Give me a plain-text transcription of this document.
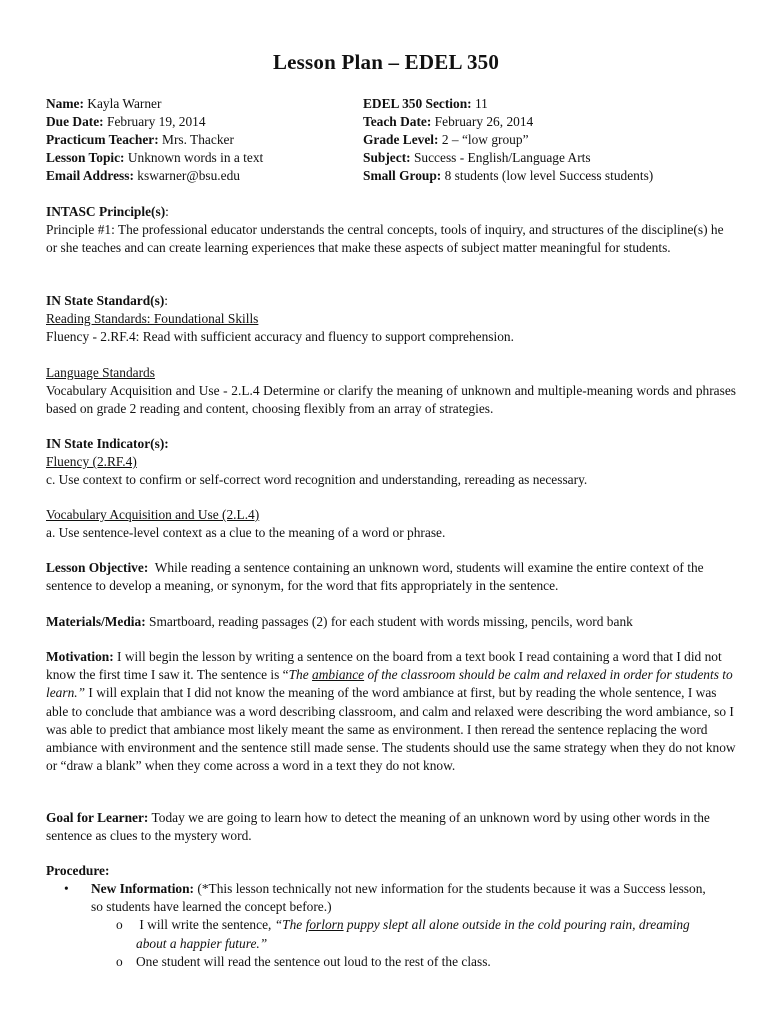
Lesson Plan – EDEL 350
Name: Kayla Warner
Due Date: February 19, 2014
Practicum Teacher: Mrs. Thacker
Lesson Topic: Unknown words in a text
Email Address: kswarner@bsu.edu
EDEL 350 Section: 11
Teach Date: February 26, 2014
Grade Level: 2 – “low group”
Subject: Success - English/Language Arts
Small Group: 8 students (low level Success students)

INTASC Principle(s):

Principle #1: The professional educator understands the central concepts, tools of inquiry, and structures of the discipline(s) he or she teaches and can create learning experiences that make these aspects of subject matter meaningful for students.

IN State Standard(s):

Reading Standards: Foundational Skills

Fluency - 2.RF.4: Read with sufficient accuracy and fluency to support comprehension.

Language Standards

Vocabulary Acquisition and Use - 2.L.4 Determine or clarify the meaning of unknown and multiple-meaning words and phrases based on grade 2 reading and content, choosing flexibly from an array of strategies.

IN State Indicator(s):

Fluency (2.RF.4)

c. Use context to confirm or self-correct word recognition and understanding, rereading as necessary.

Vocabulary Acquisition and Use (2.L.4)

a. Use sentence-level context as a clue to the meaning of a word or phrase.

Lesson Objective: While reading a sentence containing an unknown word, students will examine the entire context of the sentence to develop a meaning, or synonym, for the word that fits appropriately in the sentence.

Materials/Media: Smartboard, reading passages (2) for each student with words missing, pencils, word bank

Motivation: I will begin the lesson by writing a sentence on the board from a text book I read containing a word that I did not know the first time I saw it. The sentence is “The ambiance of the classroom should be calm and relaxed in order for students to learn.” I will explain that I did not know the meaning of the word ambiance at first, but by reading the whole sentence, I was able to conclude that ambiance was a word describing classroom, and calm and relaxed were describing the word ambiance, so I was able to predict that ambiance most likely meant the same as environment. I then reread the sentence replacing the word ambiance with environment and the sentence still made sense. The students should use the same strategy when they do not know or “draw a blank” when they come across a word in a text they do not know.

Goal for Learner: Today we are going to learn how to detect the meaning of an unknown word by using other words in the sentence as clues to the mystery word.

Procedure:

• New Information: (*This lesson technically not new information for the students because it was a Success lesson, so students have learned the concept before.)
o I will write the sentence, “The forlorn puppy slept all alone outside in the cold pouring rain, dreaming about a happier future.”
o One student will read the sentence out loud to the rest of the class.
